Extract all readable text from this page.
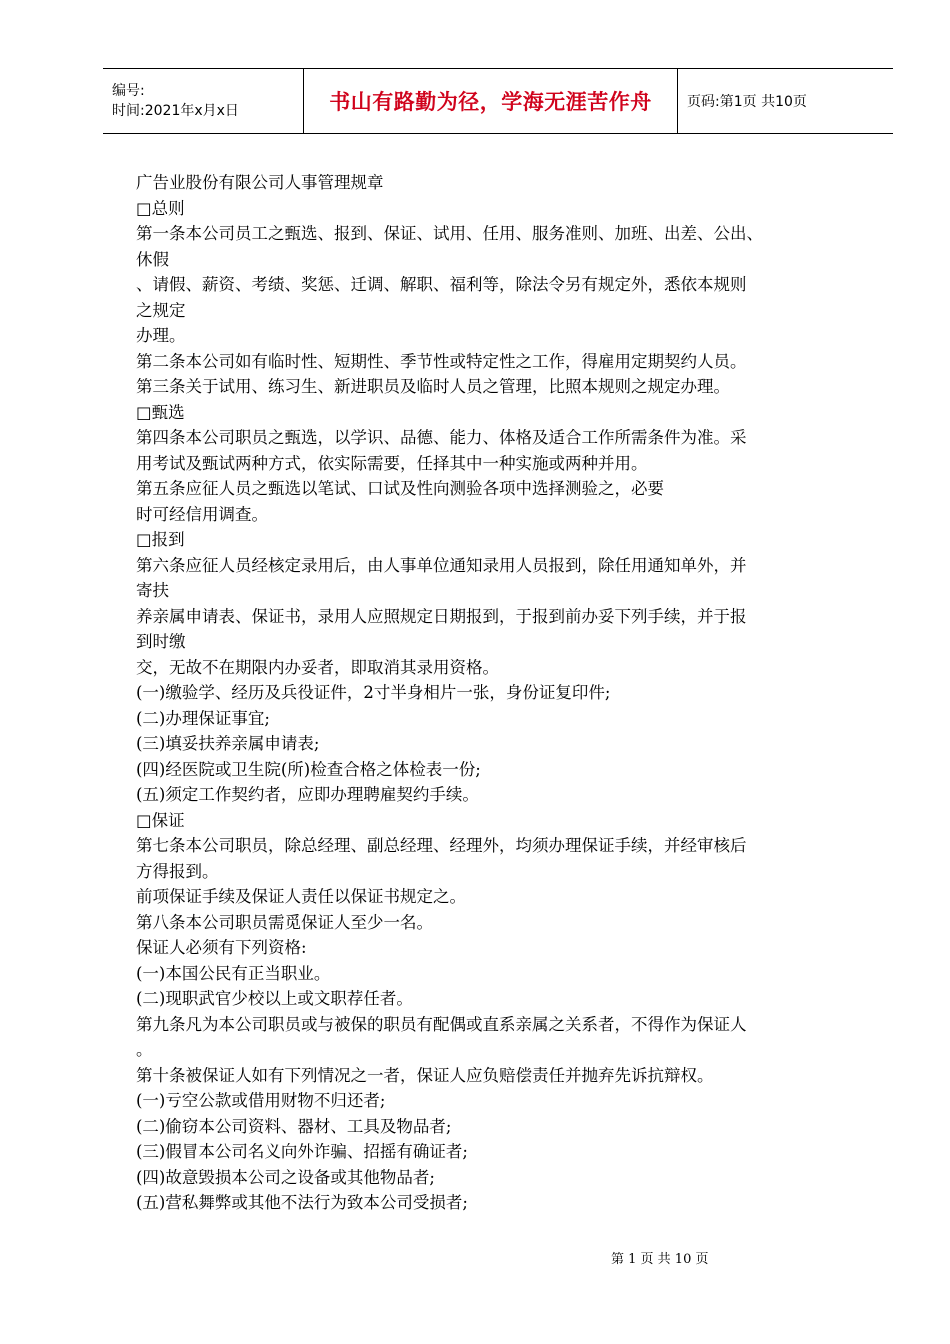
编号:
时间:2021年x月x日	书山有路勤为径，学海无涯苦作舟	页码:第1页 共10页
广告业股份有限公司人事管理规章
□总则
第一条本公司员工之甄选、报到、保证、试用、任用、服务准则、加班、出差、公出、
休假
、请假、薪资、考绩、奖惩、迁调、解职、福利等，除法令另有规定外，悉依本规则
之规定
办理。
第二条本公司如有临时性、短期性、季节性或特定性之工作，得雇用定期契约人员。
第三条关于试用、练习生、新进职员及临时人员之管理，比照本规则之规定办理。
□甄选
第四条本公司职员之甄选，以学识、品德、能力、体格及适合工作所需条件为准。采
用考试及甄试两种方式，依实际需要，任择其中一种实施或两种并用。
第五条应征人员之甄选以笔试、口试及性向测验各项中选择测验之，必要
时可经信用调查。
□报到
第六条应征人员经核定录用后，由人事单位通知录用人员报到，除任用通知单外，并
寄扶
养亲属申请表、保证书，录用人应照规定日期报到，于报到前办妥下列手续，并于报
到时缴
交，无故不在期限内办妥者，即取消其录用资格。
(一)缴验学、经历及兵役证件，2寸半身相片一张，身份证复印件;
(二)办理保证事宜;
(三)填妥扶养亲属申请表;
(四)经医院或卫生院(所)检查合格之体检表一份;
(五)须定工作契约者，应即办理聘雇契约手续。
□保证
第七条本公司职员，除总经理、副总经理、经理外，均须办理保证手续，并经审核后
方得报到。
前项保证手续及保证人责任以保证书规定之。
第八条本公司职员需觅保证人至少一名。
保证人必须有下列资格:
(一)本国公民有正当职业。
(二)现职武官少校以上或文职荐任者。
第九条凡为本公司职员或与被保的职员有配偶或直系亲属之关系者，不得作为保证人
。
第十条被保证人如有下列情况之一者，保证人应负赔偿责任并抛弃先诉抗辩权。
(一)亏空公款或借用财物不归还者;
(二)偷窃本公司资料、器材、工具及物品者;
(三)假冒本公司名义向外诈骗、招摇有确证者;
(四)故意毁损本公司之设备或其他物品者;
(五)营私舞弊或其他不法行为致本公司受损者;
第 1 页 共 10 页
